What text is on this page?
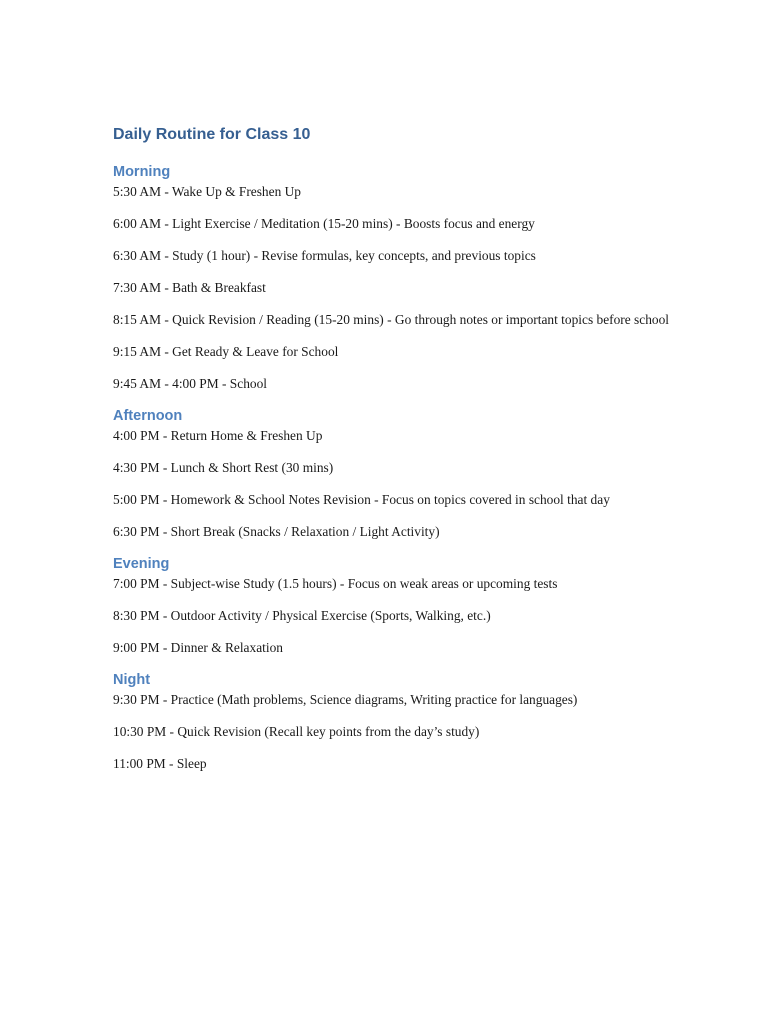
Daily Routine for Class 10
Morning
5:30 AM - Wake Up & Freshen Up
6:00 AM - Light Exercise / Meditation (15-20 mins) - Boosts focus and energy
6:30 AM - Study (1 hour) - Revise formulas, key concepts, and previous topics
7:30 AM - Bath & Breakfast
8:15 AM - Quick Revision / Reading (15-20 mins) - Go through notes or important topics before school
9:15 AM - Get Ready & Leave for School
9:45 AM - 4:00 PM - School
Afternoon
4:00 PM - Return Home & Freshen Up
4:30 PM - Lunch & Short Rest (30 mins)
5:00 PM - Homework & School Notes Revision - Focus on topics covered in school that day
6:30 PM - Short Break (Snacks / Relaxation / Light Activity)
Evening
7:00 PM - Subject-wise Study (1.5 hours) - Focus on weak areas or upcoming tests
8:30 PM - Outdoor Activity / Physical Exercise (Sports, Walking, etc.)
9:00 PM - Dinner & Relaxation
Night
9:30 PM - Practice (Math problems, Science diagrams, Writing practice for languages)
10:30 PM - Quick Revision (Recall key points from the day’s study)
11:00 PM - Sleep
